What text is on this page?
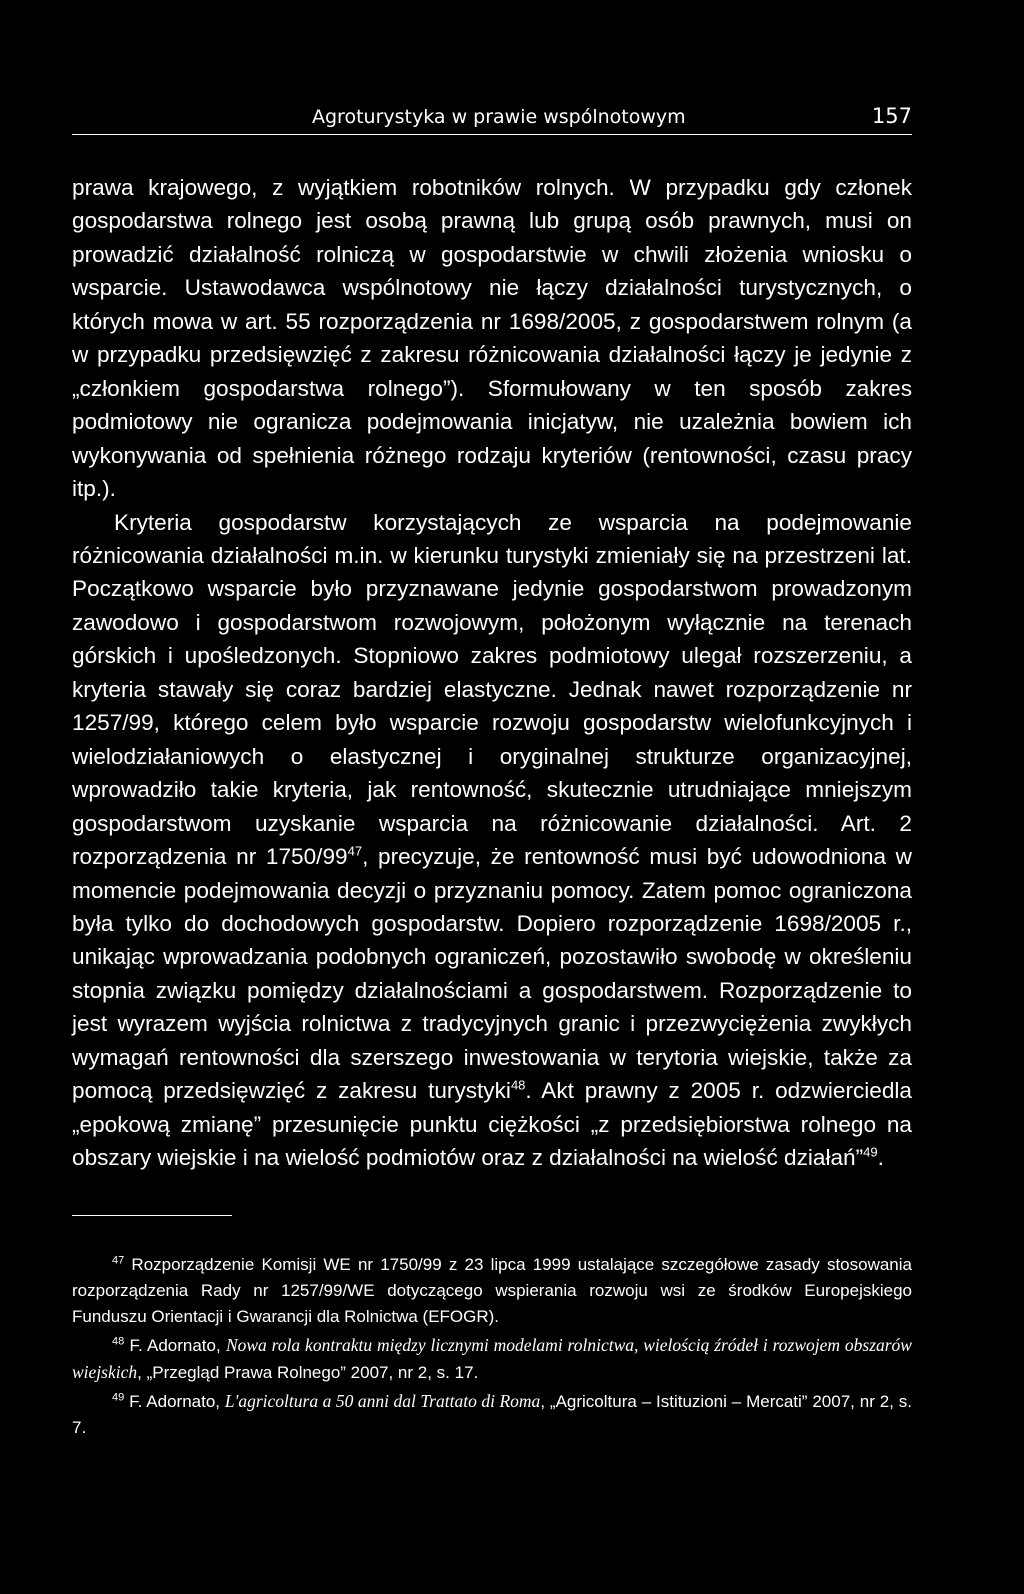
Agroturystyka w prawie wspólnotowym	157

prawa krajowego, z wyjątkiem robotników rolnych. W przypadku gdy członek gospodarstwa rolnego jest osobą prawną lub grupą osób prawnych, musi on prowadzić działalność rolniczą w gospodarstwie w chwili złożenia wniosku o wsparcie. Ustawodawca wspólnotowy nie łączy działalności turystycznych, o których mowa w art. 55 rozporządzenia nr 1698/2005, z gospodarstwem rolnym (a w przypadku przedsięwzięć z zakresu różnicowania działalności łączy je jedynie z „członkiem gospodarstwa rolnego”). Sformułowany w ten sposób zakres podmiotowy nie ogranicza podejmowania inicjatyw, nie uzależnia bowiem ich wykonywania od spełnienia różnego rodzaju kryteriów (rentowności, czasu pracy itp.).

Kryteria gospodarstw korzystających ze wsparcia na podejmowanie różnicowania działalności m.in. w kierunku turystyki zmieniały się na przestrzeni lat. Początkowo wsparcie było przyznawane jedynie gospodarstwom prowadzonym zawodowo i gospodarstwom rozwojowym, położonym wyłącznie na terenach górskich i upośledzonych. Stopniowo zakres podmiotowy ulegał rozszerzeniu, a kryteria stawały się coraz bardziej elastyczne. Jednak nawet rozporządzenie nr 1257/99, którego celem było wsparcie rozwoju gospodarstw wielofunkcyjnych i wielodziałaniowych o elastycznej i oryginalnej strukturze organizacyjnej, wprowadziło takie kryteria, jak rentowność, skutecznie utrudniające mniejszym gospodarstwom uzyskanie wsparcia na różnicowanie działalności. Art. 2 rozporządzenia nr $1750/99^{47}$, precyzuje, że rentowność musi być udowodniona w momencie podejmowania decyzji o przyznaniu pomocy. Zatem pomoc ograniczona była tylko do dochodowych gospodarstw. Dopiero rozporządzenie 1698/2005 r., unikając wprowadzania podobnych ograniczeń, pozostawiło swobodę w określeniu stopnia związku pomiędzy działalnościami a gospodarstwem. Rozporządzenie to jest wyrazem wyjścia rolnictwa z tradycyjnych granic i przezwyciężenia zwykłych wymagań rentowności dla szerszego inwestowania w terytoria wiejskie, także za pomocą przedsięwzięć z zakresu turystyki$^{48}$. Akt prawny z 2005 r. odzwierciedla „epokową zmianę” przesunięcie punktu ciężkości „z przedsiębiorstwa rolnego na obszary wiejskie i na wielość podmiotów oraz z działalności na wielość działań”$^{49}$.

$^{47}$ Rozporządzenie Komisji WE nr 1750/99 z 23 lipca 1999 ustalające szczegółowe zasady stosowania rozporządzenia Rady nr 1257/99/WE dotyczącego wspierania rozwoju wsi ze środków Europejskiego Funduszu Orientacji i Gwarancji dla Rolnictwa (EFOGR).

$^{48}$ F. Adornato, Nowa rola kontraktu między licznymi modelami rolnictwa, wielością źródeł i rozwojem obszarów wiejskich, „Przegląd Prawa Rolnego” 2007, nr 2, s. 17.

$^{49}$ F. Adornato, L'agricoltura a 50 anni dal Trattato di Roma, „Agricoltura – Istituzioni – Mercati” 2007, nr 2, s. 7.
